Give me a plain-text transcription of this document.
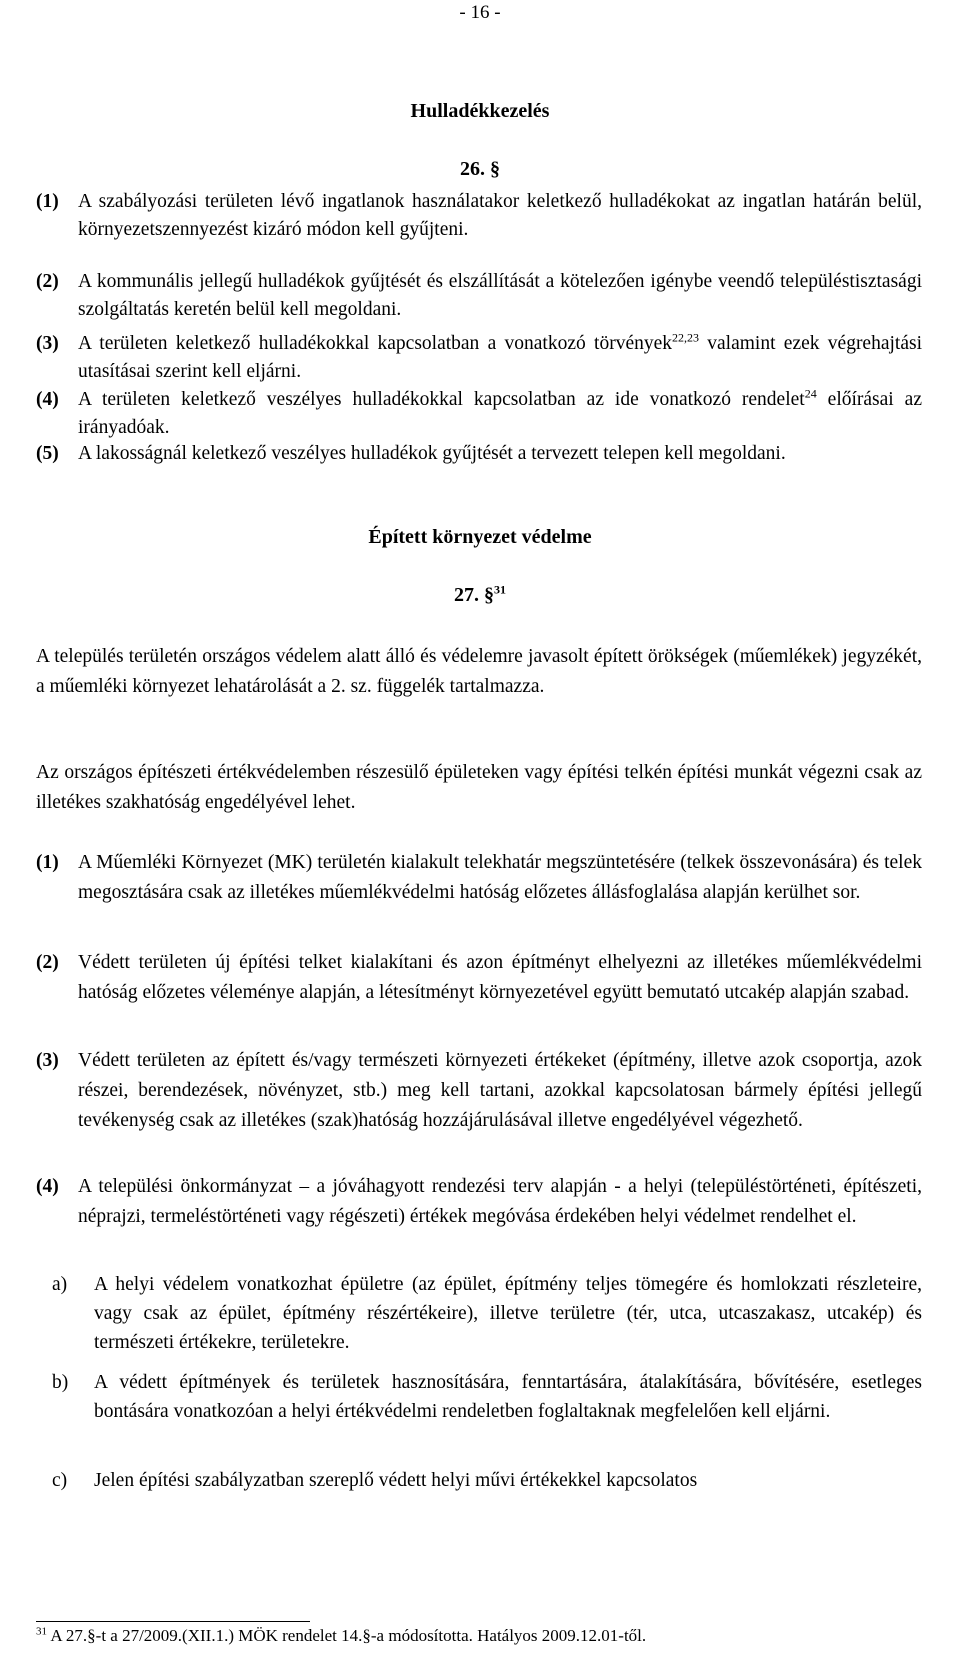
- 16 -
Hulladékkezelés
26. §
(1) A szabályozási területen lévő ingatlanok használatakor keletkező hulladékokat az ingatlan határán belül, környezetszennyezést kizáró módon kell gyűjteni.
(2) A kommunális jellegű hulladékok gyűjtését és elszállítását a kötelezően igénybe veendő településtisztasági szolgáltatás keretén belül kell megoldani.
(3) A területen keletkező hulladékokkal kapcsolatban a vonatkozó törvények$^{22,23}$ valamint ezek végrehajtási utasításai szerint kell eljárni.
(4) A területen keletkező veszélyes hulladékokkal kapcsolatban az ide vonatkozó rendelet$^{24}$ előírásai az irányadóak.
(5) A lakosságnál keletkező veszélyes hulladékok gyűjtését a tervezett telepen kell megoldani.
Épített környezet védelme
27. §$^{31}$
A település területén országos védelem alatt álló és védelemre javasolt épített örökségek (műemlékek) jegyzékét, a műemléki környezet lehatárolását a 2. sz. függelék tartalmazza.
Az országos építészeti értékvédelemben részesülő épületeken vagy építési telkén építési munkát végezni csak az illetékes szakhatóság engedélyével lehet.
(1) A Műemléki Környezet (MK) területén kialakult telekhatár megszüntetésére (telkek összevonására) és telek megosztására csak az illetékes műemlékvédelmi hatóság előzetes állásfoglalása alapján kerülhet sor.
(2) Védett területen új építési telket kialakítani és azon építményt elhelyezni az illetékes műemlékvédelmi hatóság előzetes véleménye alapján, a létesítményt környezetével együtt bemutató utcakép alapján szabad.
(3) Védett területen az épített és/vagy természeti környezeti értékeket (építmény, illetve azok csoportja, azok részei, berendezések, növényzet, stb.) meg kell tartani, azokkal kapcsolatosan bármely építési jellegű tevékenység csak az illetékes (szak)hatóság hozzájárulásával illetve engedélyével végezhető.
(4) A települési önkormányzat – a jóváhagyott rendezési terv alapján - a helyi (településtörténeti, építészeti, néprajzi, termeléstörténeti vagy régészeti) értékek megóvása érdekében helyi védelmet rendelhet el.
a) A helyi védelem vonatkozhat épületre (az épület, építmény teljes tömegére és homlokzati részleteire, vagy csak az épület, építmény részértékeire), illetve területre (tér, utca, utcaszakasz, utcakép) és természeti értékekre, területekre.
b) A védett építmények és területek hasznosítására, fenntartására, átalakítására, bővítésére, esetleges bontására vonatkozóan a helyi értékvédelmi rendeletben foglaltaknak megfelelően kell eljárni.
c) Jelen építési szabályzatban szereplő védett helyi művi értékekkel kapcsolatos
$^{31}$ A 27.§-t a 27/2009.(XII.1.) MÖK rendelet 14.§-a módosította. Hatályos 2009.12.01-től.
